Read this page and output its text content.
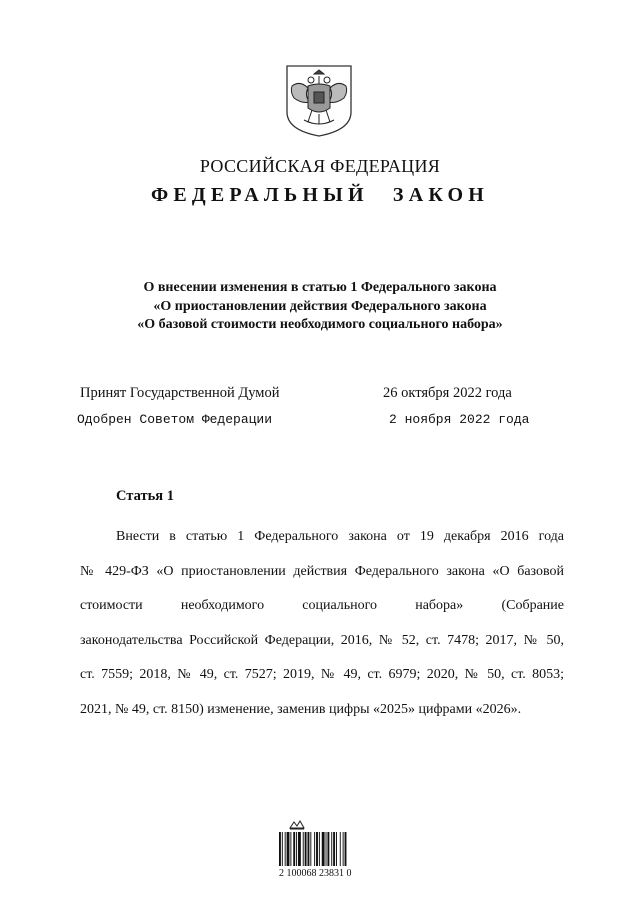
РОССИЙСКАЯ ФЕДЕРАЦИЯ
ФЕДЕРАЛЬНЫЙ ЗАКОН
О внесении изменения в статью 1 Федерального закона
«О приостановлении действия Федерального закона
«О базовой стоимости необходимого социального набора»
Принят Государственной Думой	26 октября 2022 года
Одобрен Советом Федерации	2 ноября 2022 года
Статья 1
Внести в статью 1 Федерального закона от 19 декабря 2016 года
№ 429-ФЗ «О приостановлении действия Федерального закона «О базовой
стоимости необходимого социального набора» (Собрание
законодательства Российской Федерации, 2016, № 52, ст. 7478; 2017, № 50,
ст. 7559; 2018, № 49, ст. 7527; 2019, № 49, ст. 6979; 2020, № 50, ст. 8053;
2021, № 49, ст. 8150) изменение, заменив цифры «2025» цифрами «2026».
2 100068 23831 0
